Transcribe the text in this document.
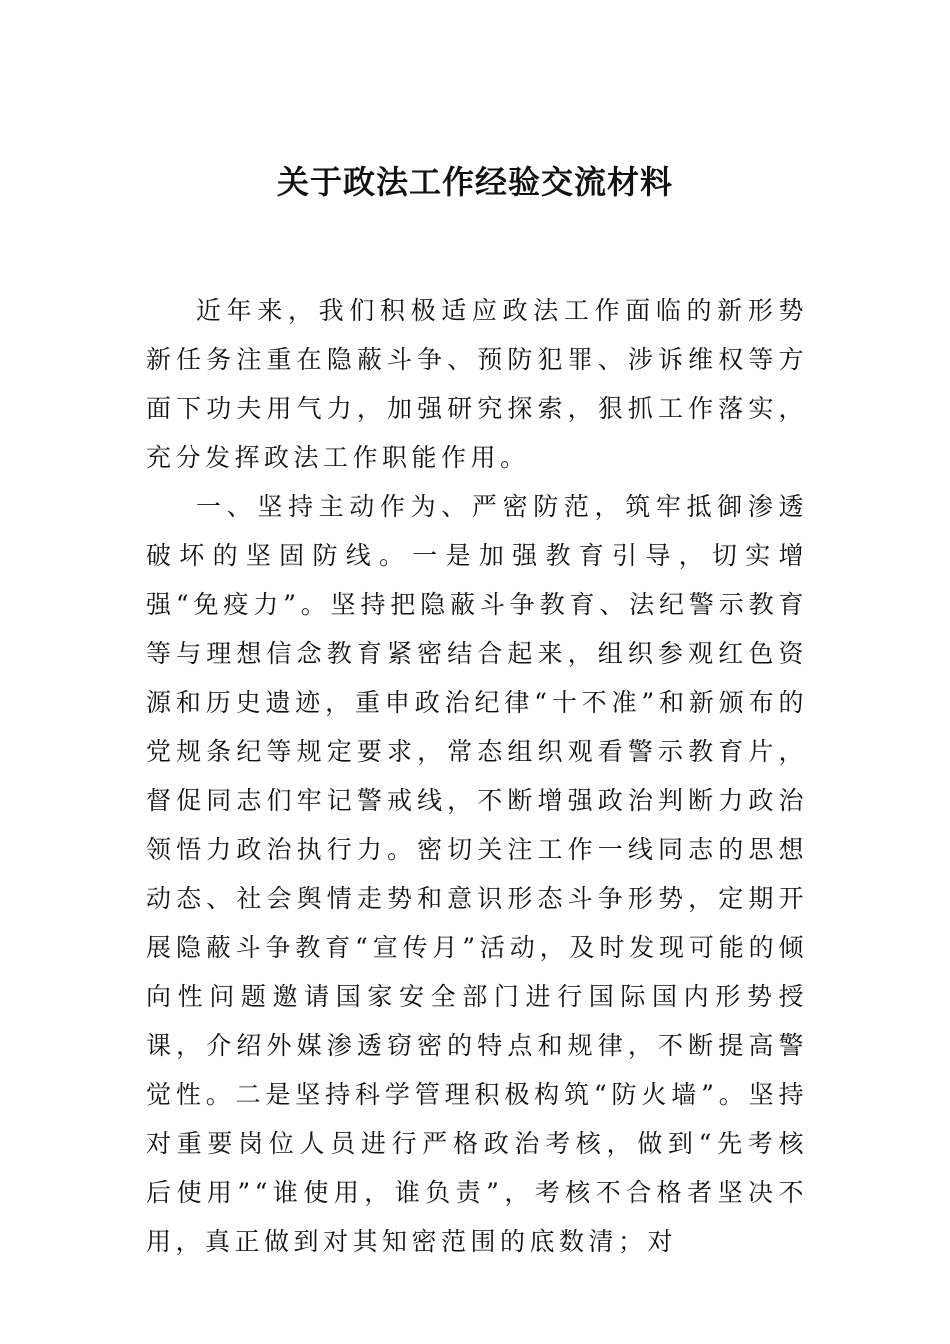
关于政法工作经验交流材料

近年来，我们积极适应政法工作面临的新形势新任务注重在隐蔽斗争、预防犯罪、涉诉维权等方面下功夫用气力，加强研究探索，狠抓工作落实，充分发挥政法工作职能作用。

一、坚持主动作为、严密防范，筑牢抵御渗透破坏的坚固防线。一是加强教育引导，切实增强“免疫力”。坚持把隐蔽斗争教育、法纪警示教育等与理想信念教育紧密结合起来，组织参观红色资源和历史遗迹，重申政治纪律“十不准”和新颁布的党规条纪等规定要求，常态组织观看警示教育片，督促同志们牢记警戒线，不断增强政治判断力政治领悟力政治执行力。密切关注工作一线同志的思想动态、社会舆情走势和意识形态斗争形势，定期开展隐蔽斗争教育“宣传月”活动，及时发现可能的倾向性问题邀请国家安全部门进行国际国内形势授课，介绍外媒渗透窃密的特点和规律，不断提高警觉性。二是坚持科学管理积极构筑“防火墙”。坚持对重要岗位人员进行严格政治考核，做到“先考核后使用”“谁使用，谁负责”，考核不合格者坚决不用，真正做到对其知密范围的底数清；对
